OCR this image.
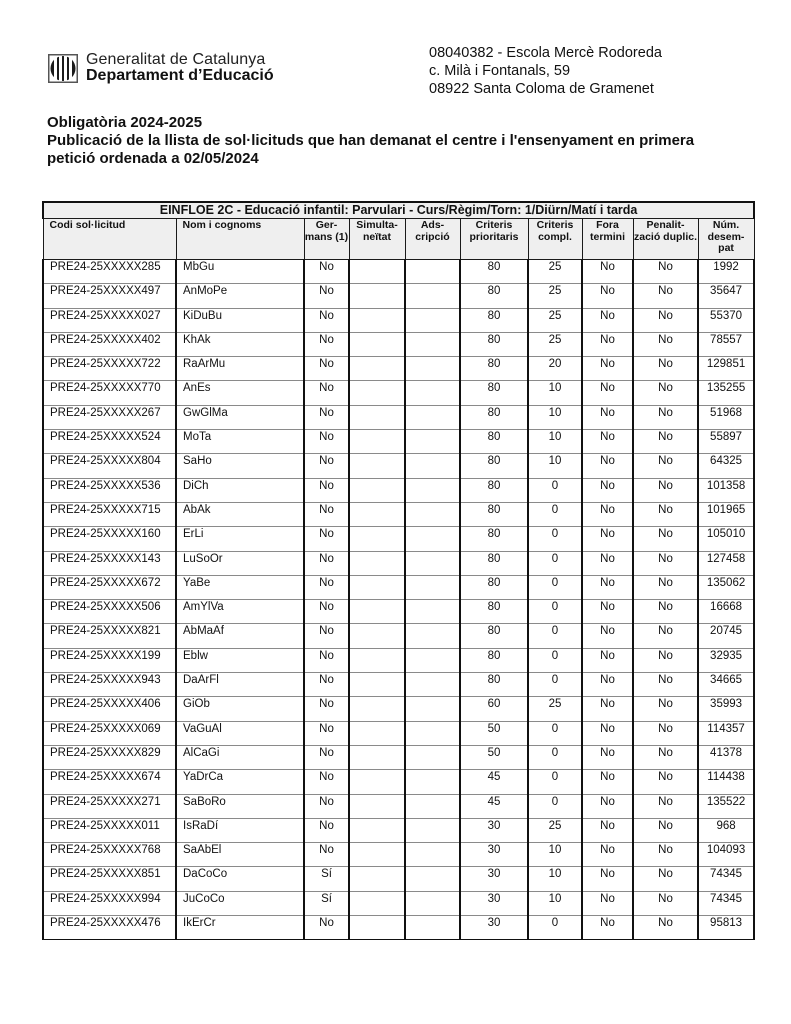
Generalitat de Catalunya
Departament d’Educació
08040382 - Escola Mercè Rodoreda
c. Milà i Fontanals, 59
08922 Santa Coloma de Gramenet
Obligatòria 2024-2025
Publicació de la llista de sol·licituds que han demanat el centre i l'ensenyament en primera
petició ordenada a 02/05/2024
EINFLOE 2C - Educació infantil: Parvulari - Curs/Règim/Torn: 1/Diürn/Matí i tarda									
Codi sol·licitud	Nom i cognoms	Ger- mans (1)	Simulta- neïtat	Ads- cripció	Criteris prioritaris	Criteris compl.	Fora termini	Penalit- zació duplic.	Núm. desem- pat
PRE24-25XXXXX285	MbGu	No			80	25	No	No	1992
PRE24-25XXXXX497	AnMoPe	No			80	25	No	No	35647
PRE24-25XXXXX027	KiDuBu	No			80	25	No	No	55370
PRE24-25XXXXX402	KhAk	No			80	25	No	No	78557
PRE24-25XXXXX722	RaArMu	No			80	20	No	No	129851
PRE24-25XXXXX770	AnEs	No			80	10	No	No	135255
PRE24-25XXXXX267	GwGlMa	No			80	10	No	No	51968
PRE24-25XXXXX524	MoTa	No			80	10	No	No	55897
PRE24-25XXXXX804	SaHo	No			80	10	No	No	64325
PRE24-25XXXXX536	DiCh	No			80	0	No	No	101358
PRE24-25XXXXX715	AbAk	No			80	0	No	No	101965
PRE24-25XXXXX160	ErLi	No			80	0	No	No	105010
PRE24-25XXXXX143	LuSoOr	No			80	0	No	No	127458
PRE24-25XXXXX672	YaBe	No			80	0	No	No	135062
PRE24-25XXXXX506	AmYlVa	No			80	0	No	No	16668
PRE24-25XXXXX821	AbMaAf	No			80	0	No	No	20745
PRE24-25XXXXX199	Eblw	No			80	0	No	No	32935
PRE24-25XXXXX943	DaArFl	No			80	0	No	No	34665
PRE24-25XXXXX406	GiOb	No			60	25	No	No	35993
PRE24-25XXXXX069	VaGuAl	No			50	0	No	No	114357
PRE24-25XXXXX829	AlCaGi	No			50	0	No	No	41378
PRE24-25XXXXX674	YaDrCa	No			45	0	No	No	114438
PRE24-25XXXXX271	SaBoRo	No			45	0	No	No	135522
PRE24-25XXXXX011	IsRaDí	No			30	25	No	No	968
PRE24-25XXXXX768	SaAbEl	No			30	10	No	No	104093
PRE24-25XXXXX851	DaCoCo	Sí			30	10	No	No	74345
PRE24-25XXXXX994	JuCoCo	Sí			30	10	No	No	74345
PRE24-25XXXXX476	IkErCr	No			30	0	No	No	95813
